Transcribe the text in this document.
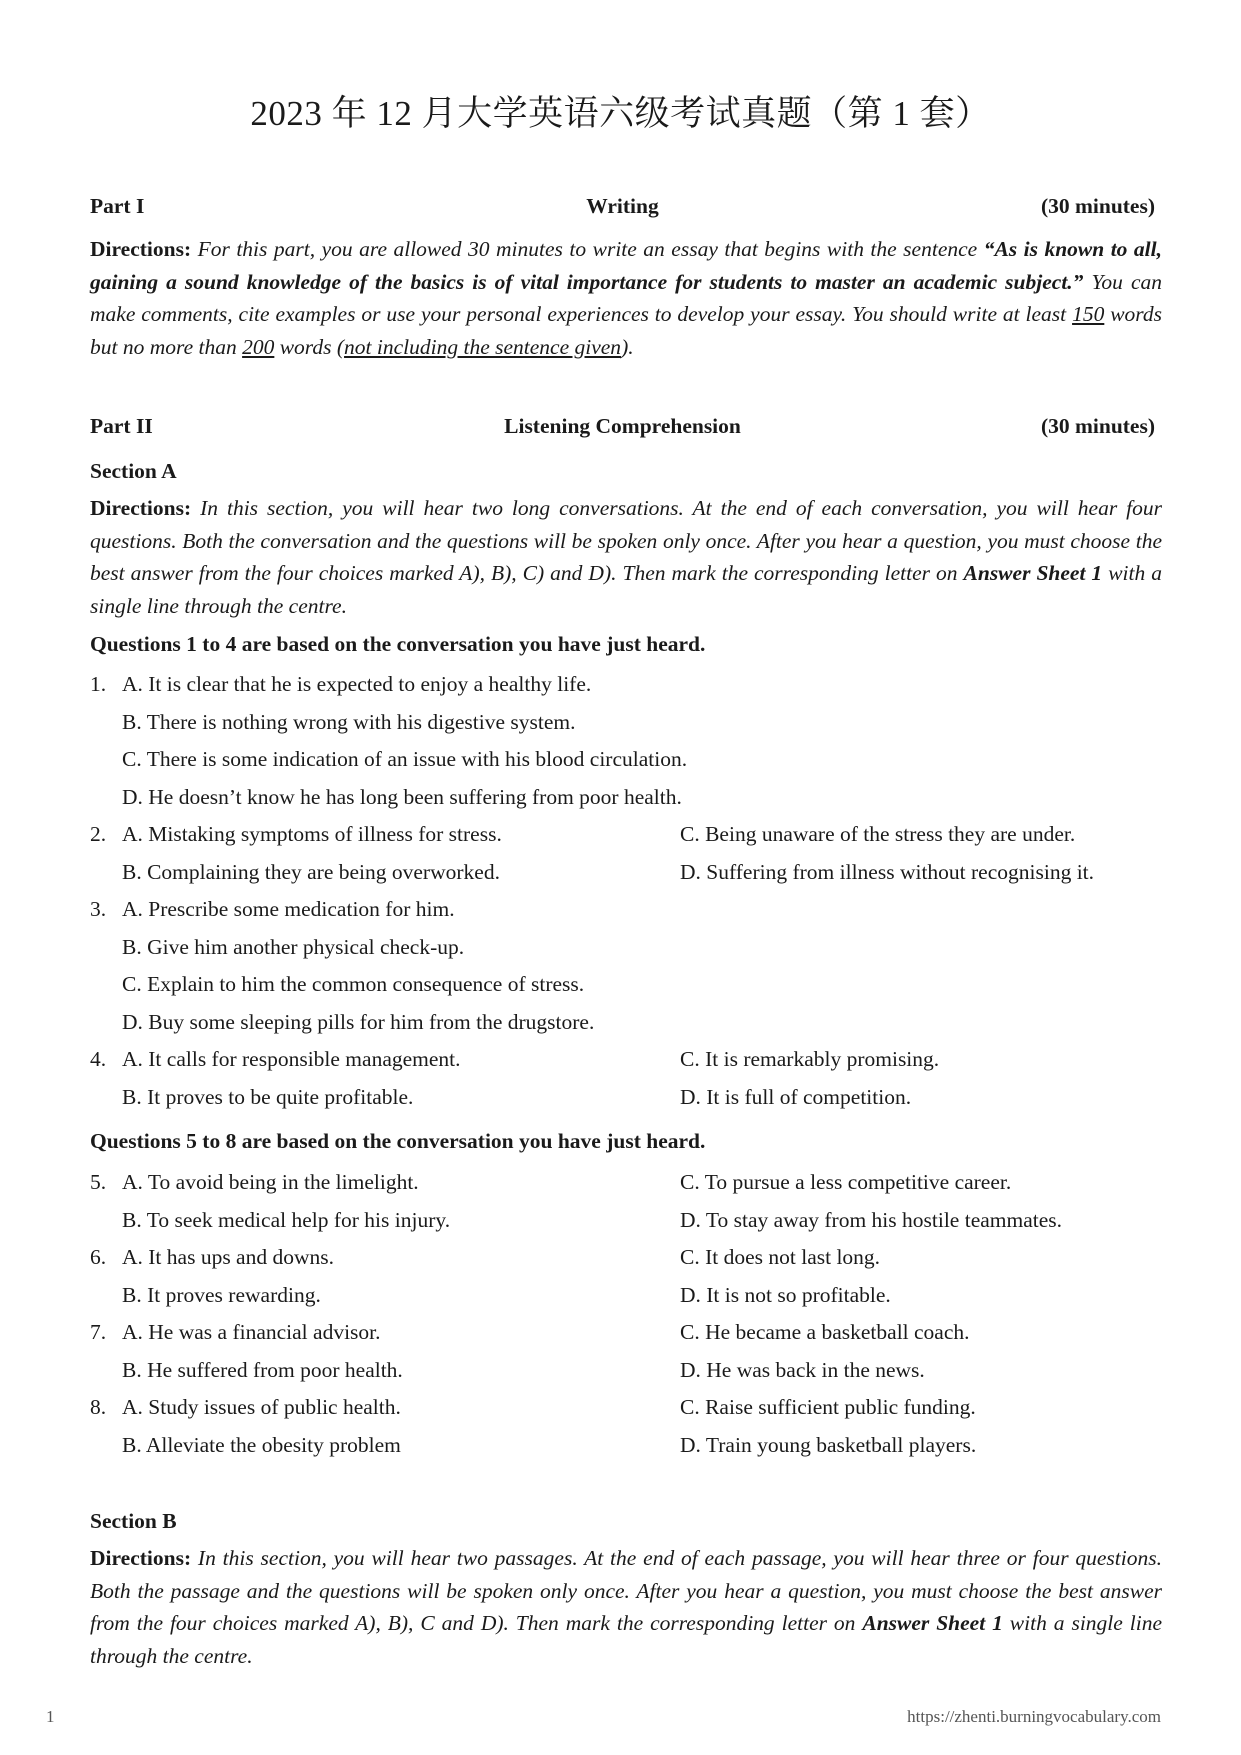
2023 年 12 月大学英语六级考试真题（第 1 套）
Part I	Writing	(30 minutes)
Directions: For this part, you are allowed 30 minutes to write an essay that begins with the sentence “As is known to all, gaining a sound knowledge of the basics is of vital importance for students to master an academic subject.” You can make comments, cite examples or use your personal experiences to develop your essay. You should write at least 150 words but no more than 200 words (not including the sentence given).
Part II	Listening Comprehension	(30 minutes)
Section A
Directions: In this section, you will hear two long conversations. At the end of each conversation, you will hear four questions. Both the conversation and the questions will be spoken only once. After you hear a question, you must choose the best answer from the four choices marked A), B), C) and D). Then mark the corresponding letter on Answer Sheet 1 with a single line through the centre.
Questions 1 to 4 are based on the conversation you have just heard.
1. A. It is clear that he is expected to enjoy a healthy life.
B. There is nothing wrong with his digestive system.
C. There is some indication of an issue with his blood circulation.
D. He doesn’t know he has long been suffering from poor health.
2. A. Mistaking symptoms of illness for stress.	C. Being unaware of the stress they are under.
B. Complaining they are being overworked.	D. Suffering from illness without recognising it.
3. A. Prescribe some medication for him.
B. Give him another physical check-up.
C. Explain to him the common consequence of stress.
D. Buy some sleeping pills for him from the drugstore.
4. A. It calls for responsible management.	C. It is remarkably promising.
B. It proves to be quite profitable.	D. It is full of competition.
Questions 5 to 8 are based on the conversation you have just heard.
5. A. To avoid being in the limelight.	C. To pursue a less competitive career.
B. To seek medical help for his injury.	D. To stay away from his hostile teammates.
6. A. It has ups and downs.	C. It does not last long.
B. It proves rewarding.	D. It is not so profitable.
7. A. He was a financial advisor.	C. He became a basketball coach.
B. He suffered from poor health.	D. He was back in the news.
8. A. Study issues of public health.	C. Raise sufficient public funding.
B. Alleviate the obesity problem	D. Train young basketball players.
Section B
Directions: In this section, you will hear two passages. At the end of each passage, you will hear three or four questions. Both the passage and the questions will be spoken only once. After you hear a question, you must choose the best answer from the four choices marked A), B), C and D). Then mark the corresponding letter on Answer Sheet 1 with a single line through the centre.
1	https://zhenti.burningvocabulary.com
